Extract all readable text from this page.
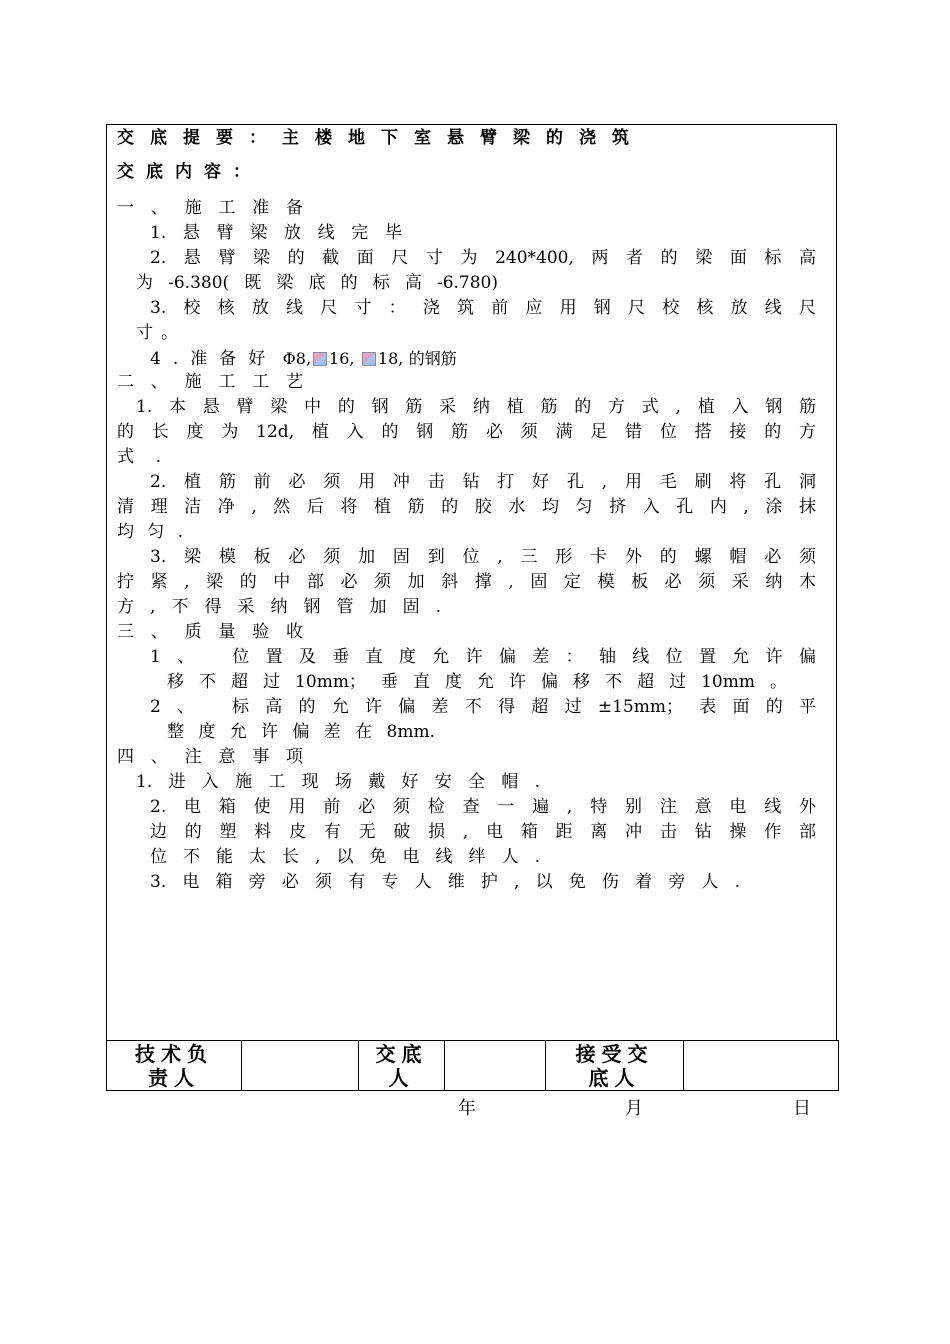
交底提要：主楼地下室悬臂梁的浇筑
交底内容：
一、施工准备
1.悬臂梁放线完毕
2.悬臂梁的截面尺寸为240*400,两者的梁面标高
为-6.380(既梁底的标高-6.780)
3.校核放线尺寸：浇筑前应用钢尺校核放线尺
寸。
4.准备好 Φ8, 16, 18, 的钢筋
二、施工工艺
1.本悬臂梁中的钢筋采纳植筋的方式,植入钢筋
的长度为12d,植入的钢筋必须满足错位搭接的方
式.
2.植筋前必须用冲击钻打好孔,用毛刷将孔洞
清理洁净,然后将植筋的胶水均匀挤入孔内,涂抹
均匀.
3.梁模板必须加固到位,三形卡外的螺帽必须
拧紧,梁的中部必须加斜撑,固定模板必须采纳木
方,不得采纳钢管加固.
三、质量验收
1、 位置及垂直度允许偏差：轴线位置允许偏
移不超过10mm；垂直度允许偏移不超过10mm。
2、 标高的允许偏差不得超过±15mm；表面的平
整度允许偏差在8mm.
四、注意事项
1.进入施工现场戴好安全帽.
2.电箱使用前必须检查一遍,特别注意电线外
边的塑料皮有无破损,电箱距离冲击钻操作部
位不能太长,以免电线绊人.
3.电箱旁必须有专人维护,以免伤着旁人.
技术负
责人
交底
人
接受交
底人
年	月	日
